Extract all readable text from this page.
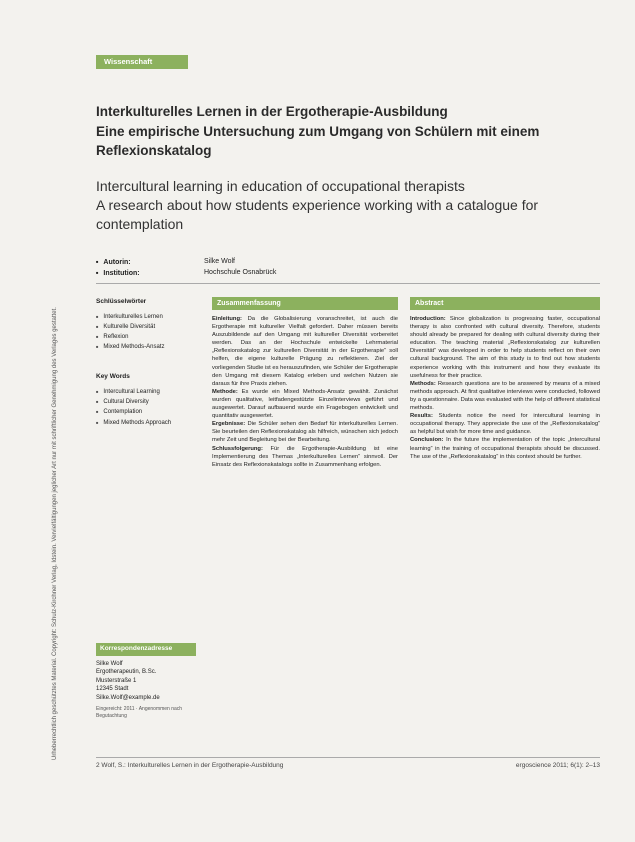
Urheberrechtlich geschütztes Material. Copyright: Schulz-Kirchner Verlag, Idstein. Vervielfältigungen jeglicher Art nur mit schriftlicher Genehmigung des Verlages gestattet.
Wissenschaft
Interkulturelles Lernen in der Ergotherapie-Ausbildung
Eine empirische Untersuchung zum Umgang von Schülern mit einem
Reflexionskatalog
Intercultural learning in education of occupational therapists
A research about how students experience working with a catalogue for
contemplation
■ Autorin:	Silke Wolf
■ Institution:	Hochschule Osnabrück
Schlüsselwörter
■ Interkulturelles Lernen
■ Kulturelle Diversität
■ Reflexion
■ Mixed Methods-Ansatz
Key Words
■ Intercultural Learning
■ Cultural Diversity
■ Contemplation
■ Mixed Methods Approach
Korrespondenzadresse
Silke Wolf
Ergotherapeutin, B.Sc.
Musterstraße 1
12345 Stadt
Silke.Wolf@example.de
Eingereicht: 2011 · Angenommen nach Begutachtung
Zusammenfassung

Einleitung: Da die Globalisierung voranschreitet, ist auch die Ergotherapie mit kultureller Vielfalt gefordert. Daher müssen bereits Auszubildende auf den Umgang mit kultureller Diversität vorbereitet werden. Das an der Hochschule entwickelte Lehrmaterial „Reflexionskatalog zur kulturellen Diversität in der Ergotherapie“ soll helfen, die eigene kulturelle Prägung zu reflektieren. Ziel der vorliegenden Studie ist es herauszufinden, wie Schüler der Ergotherapie den Umgang mit diesem Katalog erleben und welchen Nutzen sie daraus für ihre Praxis ziehen.

Methode: Es wurde ein Mixed Methods-Ansatz gewählt. Zunächst wurden qualitative, leitfadengestützte Einzelinterviews geführt und ausgewertet. Darauf aufbauend wurde ein Fragebogen entwickelt und quantitativ ausgewertet.

Ergebnisse: Die Schüler sehen den Bedarf für interkulturelles Lernen. Sie beurteilen den Reflexionskatalog als hilfreich, wünschen sich jedoch mehr Zeit und Begleitung bei der Bearbeitung.

Schlussfolgerung: Für die Ergotherapie-Ausbildung ist eine Implementierung des Themas „Interkulturelles Lernen“ sinnvoll. Der Einsatz des Reflexionskatalogs sollte in Zusammenhang erfolgen.

Abstract

Introduction: Since globalization is progressing faster, occupational therapy is also confronted with cultural diversity. Therefore, students should already be prepared for dealing with cultural diversity during their education. The teaching material „Reflexionskatalog zur kulturellen Diversität“ was developed in order to help students reflect on their own cultural background. The aim of this study is to find out how students experience working with this instrument and how they evaluate its usefulness for their practice.

Methods: Research questions are to be answered by means of a mixed methods approach. At first qualitative interviews were conducted, followed by a questionnaire. Data was evaluated with the help of different statistical methods.

Results: Students notice the need for intercultural learning in occupational therapy. They appreciate the use of the „Reflexionskatalog“ as helpful but wish for more time and guidance.

Conclusion: In the future the implementation of the topic „Intercultural learning“ in the training of occupational therapists should be discussed. The use of the „Reflexionskatalog“ in this context should be further.

2 Wolf, S.: Interkulturelles Lernen in der Ergotherapie-Ausbildung	ergoscience 2011; 6(1): 2–13
